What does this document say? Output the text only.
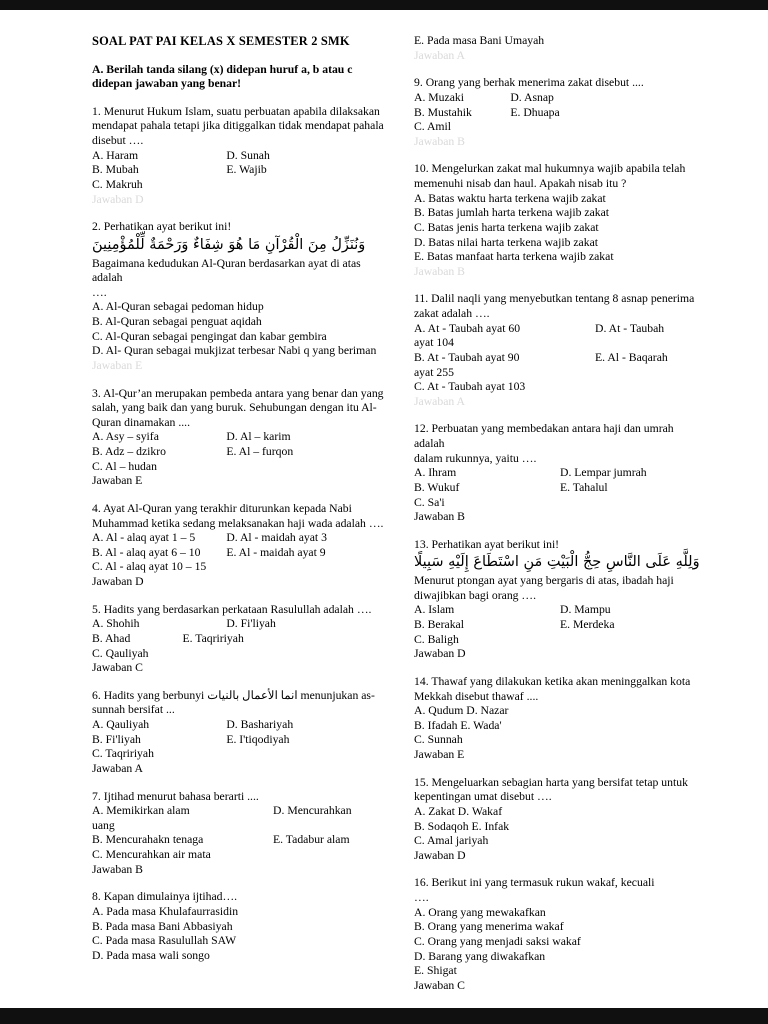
SOAL PAT PAI KELAS X SEMESTER 2 SMK
A. Berilah tanda silang (x) didepan huruf a, b atau c didepan jawaban yang benar!
1. Menurut Hukum Islam, suatu perbuatan apabila dilaksakan mendapat pahala tetapi jika ditiggalkan tidak mendapat pahala disebut ….
A. Haram	D. Sunah
B. Mubah	E. Wajib
C. Makruh
Jawaban D
2. Perhatikan ayat berikut ini!
وَنُنَزِّلُ مِنَ الْقُرْآنِ مَا هُوَ شِفَاءٌ وَرَحْمَةٌ لِّلْمُؤْمِنِينَ
Bagaimana kedudukan Al-Quran berdasarkan ayat di atas adalah
….
A. Al-Quran sebagai pedoman hidup
B. Al-Quran sebagai penguat aqidah
C. Al-Quran sebagai pengingat dan kabar gembira
D. Al- Quran sebagai mukjizat terbesar Nabi q yang beriman
Jawaban E
3. Al-Qur’an merupakan pembeda antara yang benar dan yang salah, yang baik dan yang buruk. Sehubungan dengan itu Al- Quran dinamakan ....
A. Asy – syifa	D. Al – karim
B. Adz – dzikro	E. Al – furqon
C. Al – hudan
Jawaban E
4. Ayat Al-Quran yang terakhir diturunkan kepada Nabi Muhammad ketika sedang melaksanakan haji wada adalah ….
A. Al - alaq ayat 1 – 5	D. Al - maidah ayat 3
B. Al - alaq ayat 6 – 10	E. Al - maidah ayat 9
C. Al - alaq ayat 10 – 15
Jawaban D
5. Hadits yang berdasarkan perkataan Rasulullah adalah ….
A. Shohih	D. Fi'liyah
B. Ahad	E. Taqririyah
C. Qauliyah
Jawaban C
6. Hadits yang berbunyi انما الأعمال بالنيات menunjukan as-sunnah bersifat ...
A. Qauliyah	D. Bashariyah
B. Fi'liyah	E. I'tiqodiyah
C. Taqririyah
Jawaban A
7. Ijtihad menurut bahasa berarti ....
A. Memikirkan alam	D. Mencurahkan
uang
B. Mencurahakn tenaga	E. Tadabur alam
C. Mencurahkan air mata
Jawaban B
8. Kapan dimulainya ijtihad….
A. Pada masa Khulafaurrasidin
B. Pada masa Bani Abbasiyah
C. Pada masa Rasulullah SAW
D. Pada masa wali songo
E. Pada masa Bani Umayah
Jawaban A
9. Orang yang berhak menerima zakat disebut ....
A. Muzaki	D. Asnap
B. Mustahik	E. Dhuapa
C. Amil
Jawaban B
10. Mengelurkan zakat mal hukumnya wajib apabila telah memenuhi nisab dan haul. Apakah nisab itu ?
A. Batas waktu harta terkena wajib zakat
B. Batas jumlah harta terkena wajib zakat
C. Batas jenis harta terkena wajib zakat
D. Batas nilai harta terkena wajib zakat
E. Batas manfaat harta terkena wajib zakat
Jawaban B
11. Dalil naqli yang menyebutkan tentang 8 asnap penerima zakat adalah ….
A. At - Taubah ayat 60	D. At - Taubah
ayat 104
B. At - Taubah ayat 90	E. Al - Baqarah
ayat 255
C. At - Taubah ayat 103
Jawaban A
12. Perbuatan yang membedakan antara haji dan umrah adalah
dalam rukunnya, yaitu ….
A. Ihram	D. Lempar jumrah
B. Wukuf	E. Tahalul
C. Sa'i
Jawaban B
13. Perhatikan ayat berikut ini!
وَلِلَّهِ عَلَى النَّاسِ حِجُّ الْبَيْتِ مَنِ اسْتَطَاعَ إِلَيْهِ سَبِيلًا
Menurut ptongan ayat yang bergaris di atas, ibadah haji
diwajibkan bagi orang ….
A. Islam	D. Mampu
B. Berakal	E. Merdeka
C. Baligh
Jawaban D
14. Thawaf yang dilakukan ketika akan meninggalkan kota Mekkah disebut thawaf ....
A. Qudum D. Nazar
B. Ifadah E. Wada'
C. Sunnah
Jawaban E
15. Mengeluarkan sebagian harta yang bersifat tetap untuk kepentingan umat disebut ….
A. Zakat D. Wakaf
B. Sodaqoh E. Infak
C. Amal jariyah
Jawaban D
16. Berikut ini yang termasuk rukun wakaf, kecuali
….
A. Orang yang mewakafkan
B. Orang yang menerima wakaf
C. Orang yang menjadi saksi wakaf
D. Barang yang diwakafkan
E. Shigat
Jawaban C
